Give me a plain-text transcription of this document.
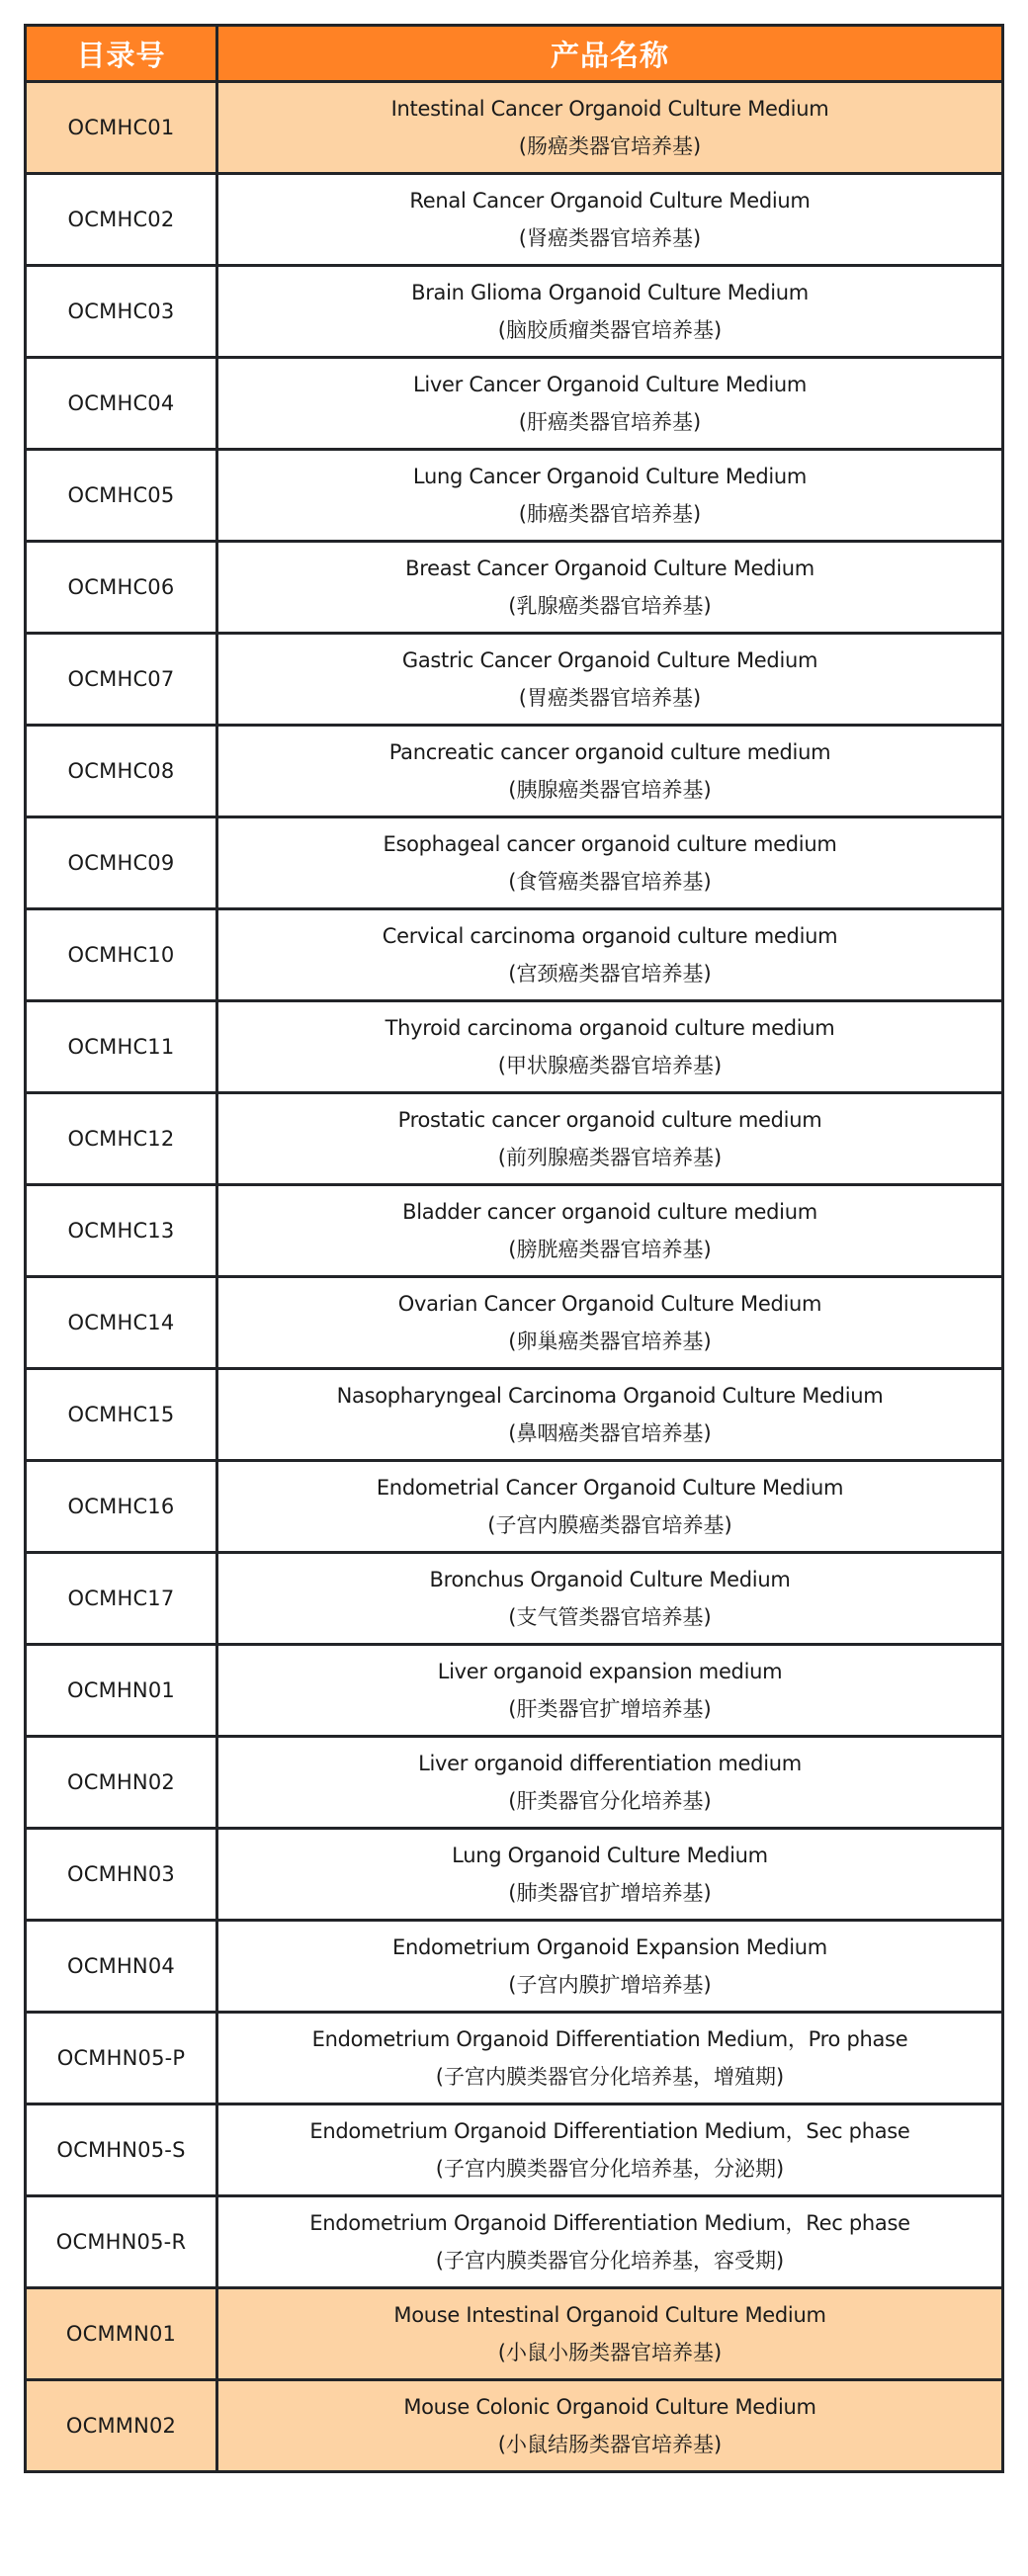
目录号	产品名称
OCMHC01	Intestinal Cancer Organoid Culture Medium
(肠癌类器官培养基)

OCMHC02	Renal Cancer Organoid Culture Medium
(肾癌类器官培养基)

OCMHC03	Brain Glioma Organoid Culture Medium
(脑胶质瘤类器官培养基)

OCMHC04	Liver Cancer Organoid Culture Medium
(肝癌类器官培养基)

OCMHC05	Lung Cancer Organoid Culture Medium
(肺癌类器官培养基)

OCMHC06	Breast Cancer Organoid Culture Medium
(乳腺癌类器官培养基)

OCMHC07	Gastric Cancer Organoid Culture Medium
(胃癌类器官培养基)

OCMHC08	Pancreatic cancer organoid culture medium
(胰腺癌类器官培养基)

OCMHC09	Esophageal cancer organoid culture medium
(食管癌类器官培养基)

OCMHC10	Cervical carcinoma organoid culture medium
(宫颈癌类器官培养基)

OCMHC11	Thyroid carcinoma organoid culture medium
(甲状腺癌类器官培养基)

OCMHC12	Prostatic cancer organoid culture medium
(前列腺癌类器官培养基)

OCMHC13	Bladder cancer organoid culture medium
(膀胱癌类器官培养基)

OCMHC14	Ovarian Cancer Organoid Culture Medium
(卵巢癌类器官培养基)

OCMHC15	Nasopharyngeal Carcinoma Organoid Culture Medium
(鼻咽癌类器官培养基)

OCMHC16	Endometrial Cancer Organoid Culture Medium
(子宫内膜癌类器官培养基)

OCMHC17	Bronchus Organoid Culture Medium
(支气管类器官培养基)

OCMHN01	Liver organoid expansion medium
(肝类器官扩增培养基)

OCMHN02	Liver organoid differentiation medium
(肝类器官分化培养基)

OCMHN03	Lung Organoid Culture Medium
(肺类器官扩增培养基)

OCMHN04	Endometrium Organoid Expansion Medium
(子宫内膜扩增培养基)

OCMHN05-P	Endometrium Organoid Differentiation Medium，Pro phase
(子宫内膜类器官分化培养基，增殖期)

OCMHN05-S	Endometrium Organoid Differentiation Medium，Sec phase
(子宫内膜类器官分化培养基，分泌期)

OCMHN05-R	Endometrium Organoid Differentiation Medium，Rec phase
(子宫内膜类器官分化培养基，容受期)

OCMMN01	Mouse Intestinal Organoid Culture Medium
(小鼠小肠类器官培养基)

OCMMN02	Mouse Colonic Organoid Culture Medium
(小鼠结肠类器官培养基)
